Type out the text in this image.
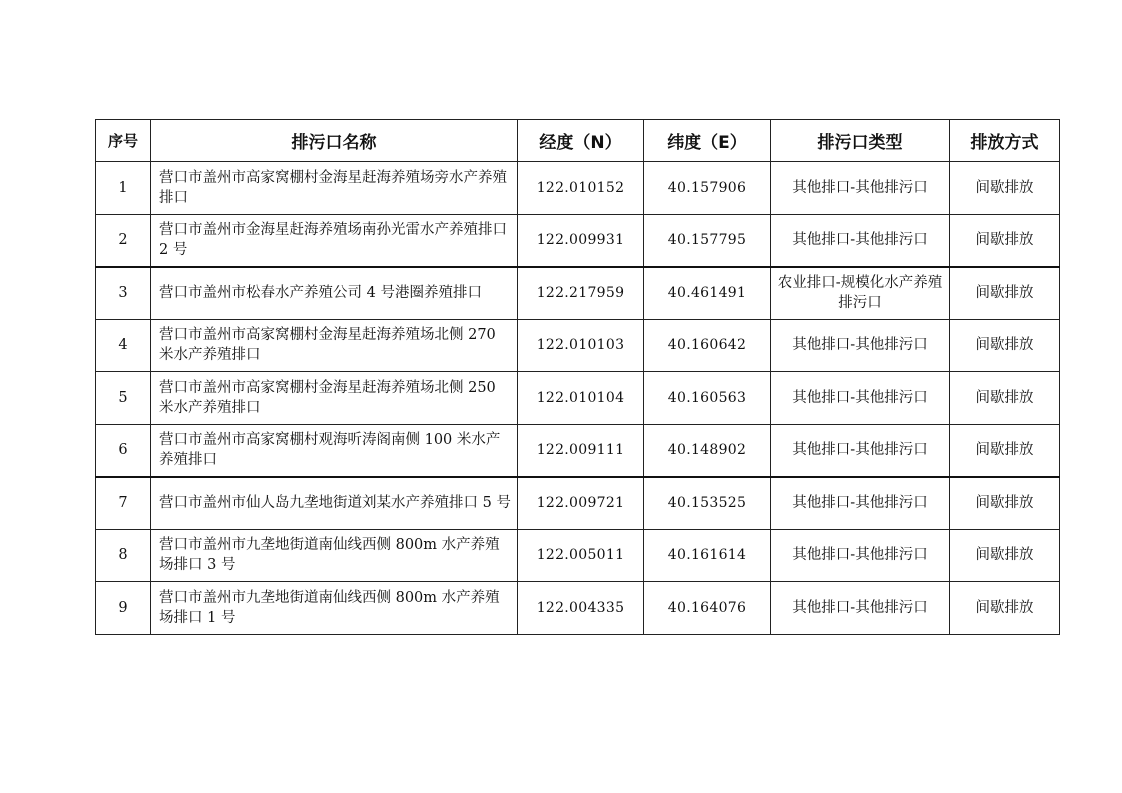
序号	排污口名称	经度（N）	纬度（E）	排污口类型	排放方式
1	营口市盖州市高家窝棚村金海星赶海养殖场旁水产养殖排口	122.010152	40.157906	其他排口-其他排污口	间歇排放
2	营口市盖州市金海星赶海养殖场南孙光雷水产养殖排口 2 号	122.009931	40.157795	其他排口-其他排污口	间歇排放
3	营口市盖州市松春水产养殖公司 4 号港圈养殖排口	122.217959	40.461491	农业排口-规模化水产养殖排污口	间歇排放
4	营口市盖州市高家窝棚村金海星赶海养殖场北侧 270 米水产养殖排口	122.010103	40.160642	其他排口-其他排污口	间歇排放
5	营口市盖州市高家窝棚村金海星赶海养殖场北侧 250 米水产养殖排口	122.010104	40.160563	其他排口-其他排污口	间歇排放
6	营口市盖州市高家窝棚村观海听涛阁南侧 100 米水产养殖排口	122.009111	40.148902	其他排口-其他排污口	间歇排放
7	营口市盖州市仙人岛九垄地街道刘某水产养殖排口 5 号	122.009721	40.153525	其他排口-其他排污口	间歇排放
8	营口市盖州市九垄地街道南仙线西侧 800m 水产养殖场排口 3 号	122.005011	40.161614	其他排口-其他排污口	间歇排放
9	营口市盖州市九垄地街道南仙线西侧 800m 水产养殖场排口 1 号	122.004335	40.164076	其他排口-其他排污口	间歇排放
